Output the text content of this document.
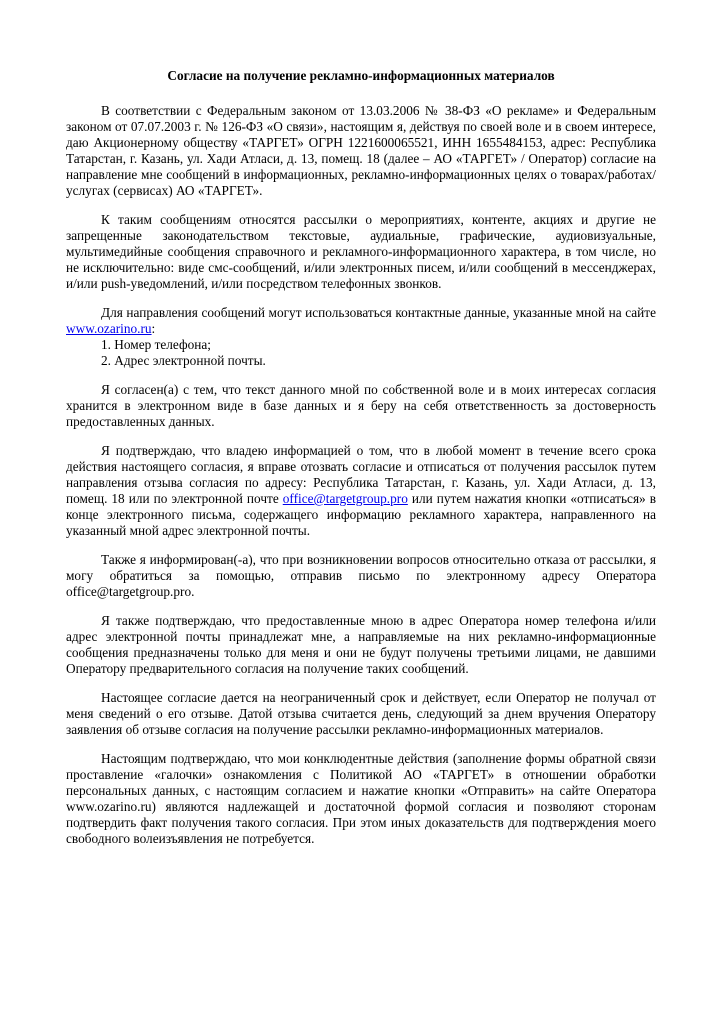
Согласие на получение рекламно-информационных материалов

В соответствии с Федеральным законом от 13.03.2006 № 38-ФЗ «О рекламе» и Федеральным законом от 07.07.2003 г. № 126-ФЗ «О связи», настоящим я, действуя по своей воле и в своем интересе, даю Акционерному обществу «ТАРГЕТ» ОГРН 1221600065521, ИНН 1655484153, адрес: Республика Татарстан, г. Казань, ул. Хади Атласи, д. 13, помещ. 18 (далее – АО «ТАРГЕТ» / Оператор) согласие на направление мне сообщений в информационных, рекламно-информационных целях о товарах/работах/услугах (сервисах) АО «ТАРГЕТ».

К таким сообщениям относятся рассылки о мероприятиях, контенте, акциях и другие не запрещенные законодательством текстовые, аудиальные, графические, аудиовизуальные, мультимедийные сообщения справочного и рекламного-информационного характера, в том числе, но не исключительно: виде смс-сообщений, и/или электронных писем, и/или сообщений в мессенджерах, и/или push-уведомлений, и/или посредством телефонных звонков.

Для направления сообщений могут использоваться контактные данные, указанные мной на сайте www.ozarino.ru:

1. Номер телефона;

2. Адрес электронной почты.

Я согласен(а) с тем, что текст данного мной по собственной воле и в моих интересах согласия хранится в электронном виде в базе данных и я беру на себя ответственность за достоверность предоставленных данных.

Я подтверждаю, что владею информацией о том, что в любой момент в течение всего срока действия настоящего согласия, я вправе отозвать согласие и отписаться от получения рассылок путем направления отзыва согласия по адресу: Республика Татарстан, г. Казань, ул. Хади Атласи, д. 13, помещ. 18 или по электронной почте office@targetgroup.pro или путем нажатия кнопки «отписаться» в конце электронного письма, содержащего информацию рекламного характера, направленного на указанный мной адрес электронной почты.

Также я информирован(-а), что при возникновении вопросов относительно отказа от рассылки, я могу обратиться за помощью, отправив письмо по электронному адресу Оператора office@targetgroup.pro.

Я также подтверждаю, что предоставленные мною в адрес Оператора номер телефона и/или адрес электронной почты принадлежат мне, а направляемые на них рекламно-информационные сообщения предназначены только для меня и они не будут получены третьими лицами, не давшими Оператору предварительного согласия на получение таких сообщений.

Настоящее согласие дается на неограниченный срок и действует, если Оператор не получал от меня сведений о его отзыве. Датой отзыва считается день, следующий за днем вручения Оператору заявления об отзыве согласия на получение рассылки рекламно-информационных материалов.

Настоящим подтверждаю, что мои конклюдентные действия (заполнение формы обратной связи проставление «галочки» ознакомления с Политикой АО «ТАРГЕТ» в отношении обработки персональных данных, с настоящим согласием и нажатие кнопки «Отправить» на сайте Оператора www.ozarino.ru) являются надлежащей и достаточной формой согласия и позволяют сторонам подтвердить факт получения такого согласия. При этом иных доказательств для подтверждения моего свободного волеизъявления не потребуется.
